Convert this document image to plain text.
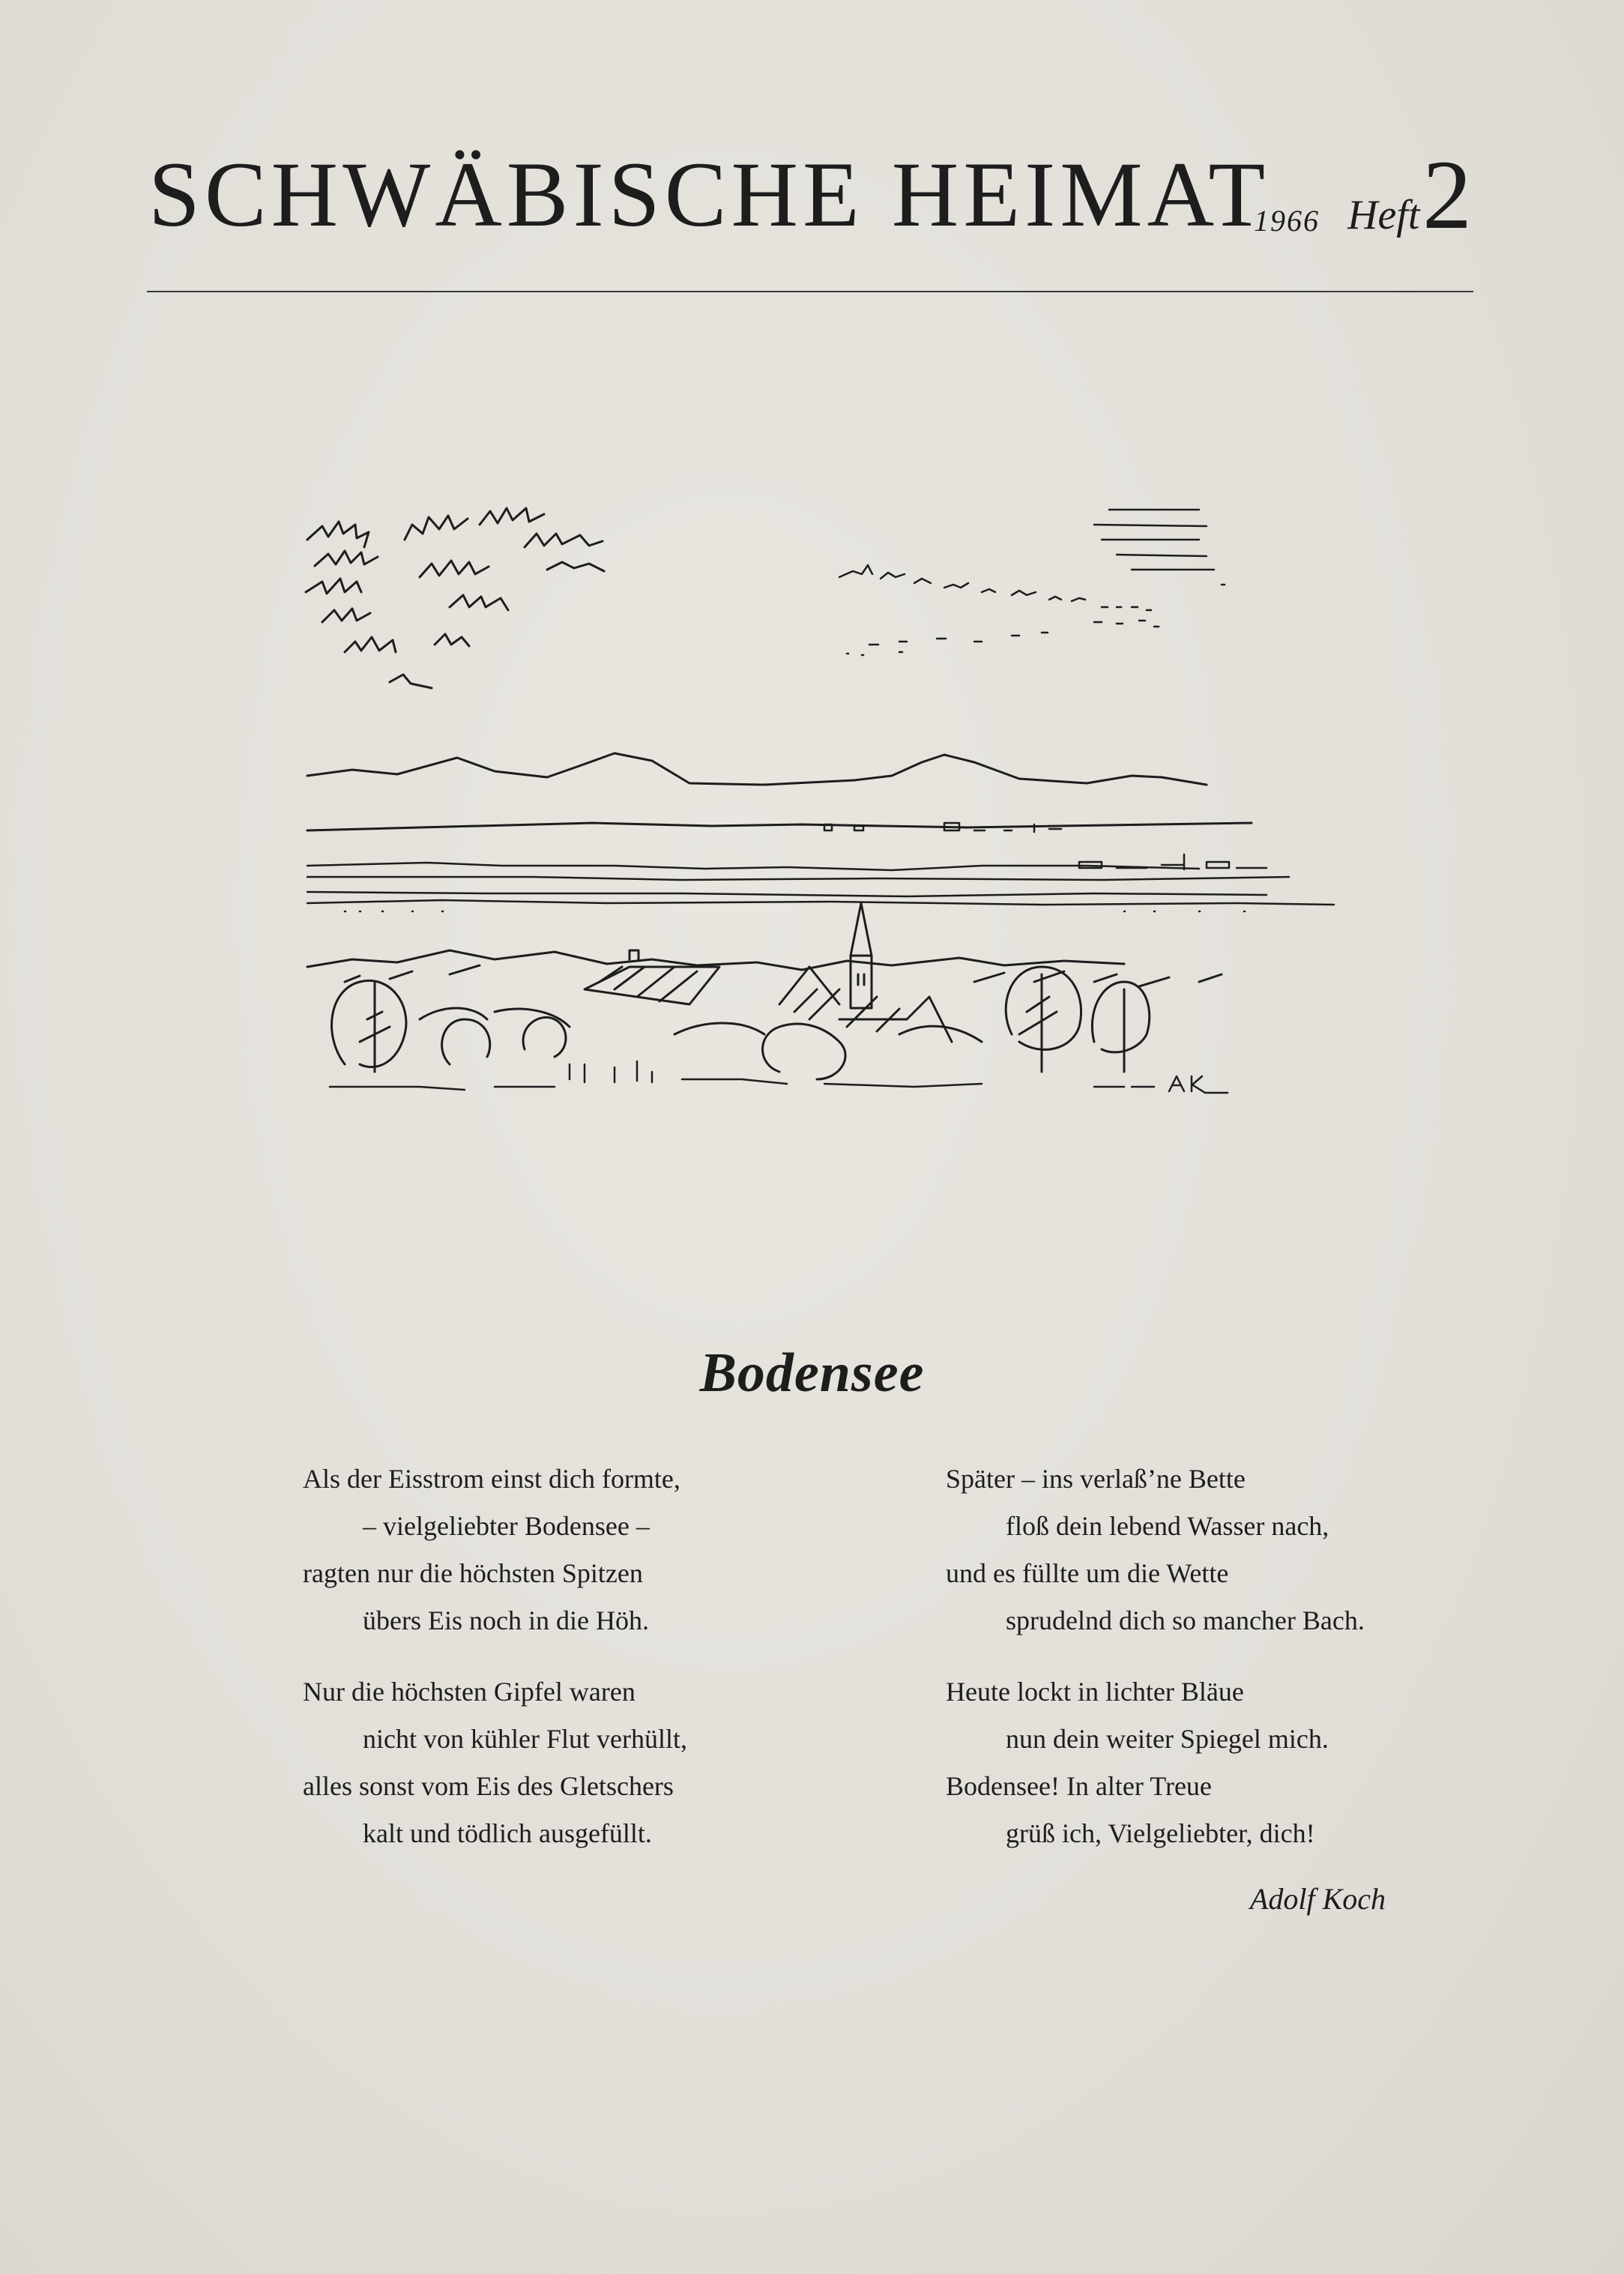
SCHWÄBISCHE HEIMAT
1966 Heft 2
Bodensee
Als der Eisstrom einst dich formte,
– vielgeliebter Bodensee –
ragten nur die höchsten Spitzen
übers Eis noch in die Höh.
Nur die höchsten Gipfel waren
nicht von kühler Flut verhüllt,
alles sonst vom Eis des Gletschers
kalt und tödlich ausgefüllt.
Später – ins verlaß’ne Bette
floß dein lebend Wasser nach,
und es füllte um die Wette
sprudelnd dich so mancher Bach.
Heute lockt in lichter Bläue
nun dein weiter Spiegel mich.
Bodensee! In alter Treue
grüß ich, Vielgeliebter, dich!
Adolf Koch
